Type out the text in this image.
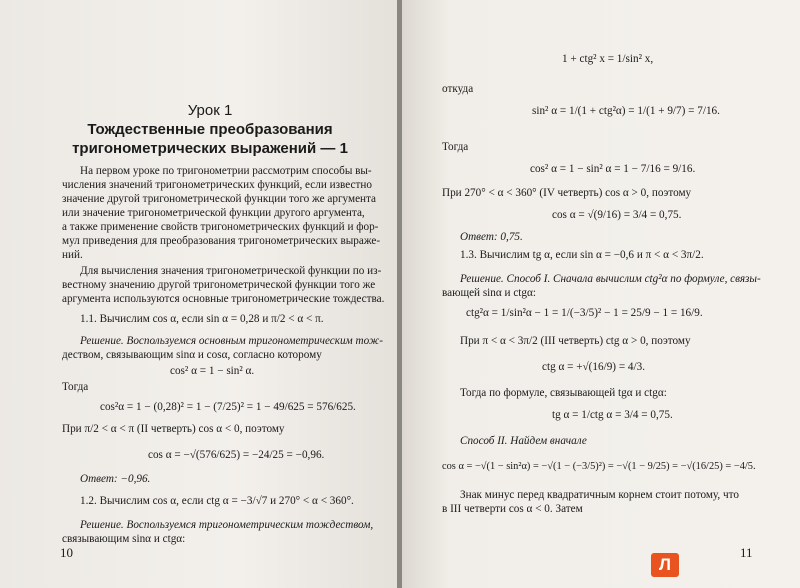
Урок 1
Тождественные преобразования
тригонометрических выражений — 1
На первом уроке по тригонометрии рассмотрим способы вы-
числения значений тригонометрических функций, если известно
значение другой тригонометрической функции того же аргумента
или значение тригонометрической функции другого аргумента,
а также применение свойств тригонометрических функций и фор-
мул приведения для преобразования тригонометрических выраже-
ний.
Для вычисления значения тригонометрической функции по из-
вестному значению другой тригонометрической функции того же
аргумента используются основные тригонометрические тождества.
1.1. Вычислим cos α, если sin α = 0,28 и π/2 < α < π.
Решение. Воспользуемся основным тригонометрическим тож-
деством, связывающим sinα и cosα, согласно которому
cos² α = 1 − sin² α.
Тогда
cos²α = 1 − (0,28)² = 1 − (7/25)² = 1 − 49/625 = 576/625.
При π/2 < α < π (II четверть) cos α < 0, поэтому
cos α = −√(576/625) = −24/25 = −0,96.
Ответ: −0,96.
1.2. Вычислим cos α, если ctg α = −3/√7 и 270° < α < 360°.
Решение. Воспользуемся тригонометрическим тождеством,
связывающим sinα и ctgα:
10
1 + ctg² x = 1/sin² x,
откуда
sin² α = 1/(1 + ctg²α) = 1/(1 + 9/7) = 7/16.
Тогда
cos² α = 1 − sin² α = 1 − 7/16 = 9/16.
При 270° < α < 360° (IV четверть) cos α > 0, поэтому
cos α = √(9/16) = 3/4 = 0,75.
Ответ: 0,75.
1.3. Вычислим tg α, если sin α = −0,6 и π < α < 3π/2.
Решение. Способ I. Сначала вычислим ctg²α по формуле, связы-
вающей sinα и ctgα:
ctg²α = 1/sin²α − 1 = 1/(−3/5)² − 1 = 25/9 − 1 = 16/9.
При π < α < 3π/2 (III четверть) ctg α > 0, поэтому
ctg α = +√(16/9) = 4/3.
Тогда по формуле, связывающей tgα и ctgα:
tg α = 1/ctg α = 3/4 = 0,75.
Способ II. Найдем вначале
cos α = −√(1 − sin²α) = −√(1 − (−3/5)²) = −√(1 − 9/25) = −√(16/25) = −4/5.
Знак минус перед квадратичным корнем стоит потому, что
в III четверти cos α < 0. Затем
11
Л
